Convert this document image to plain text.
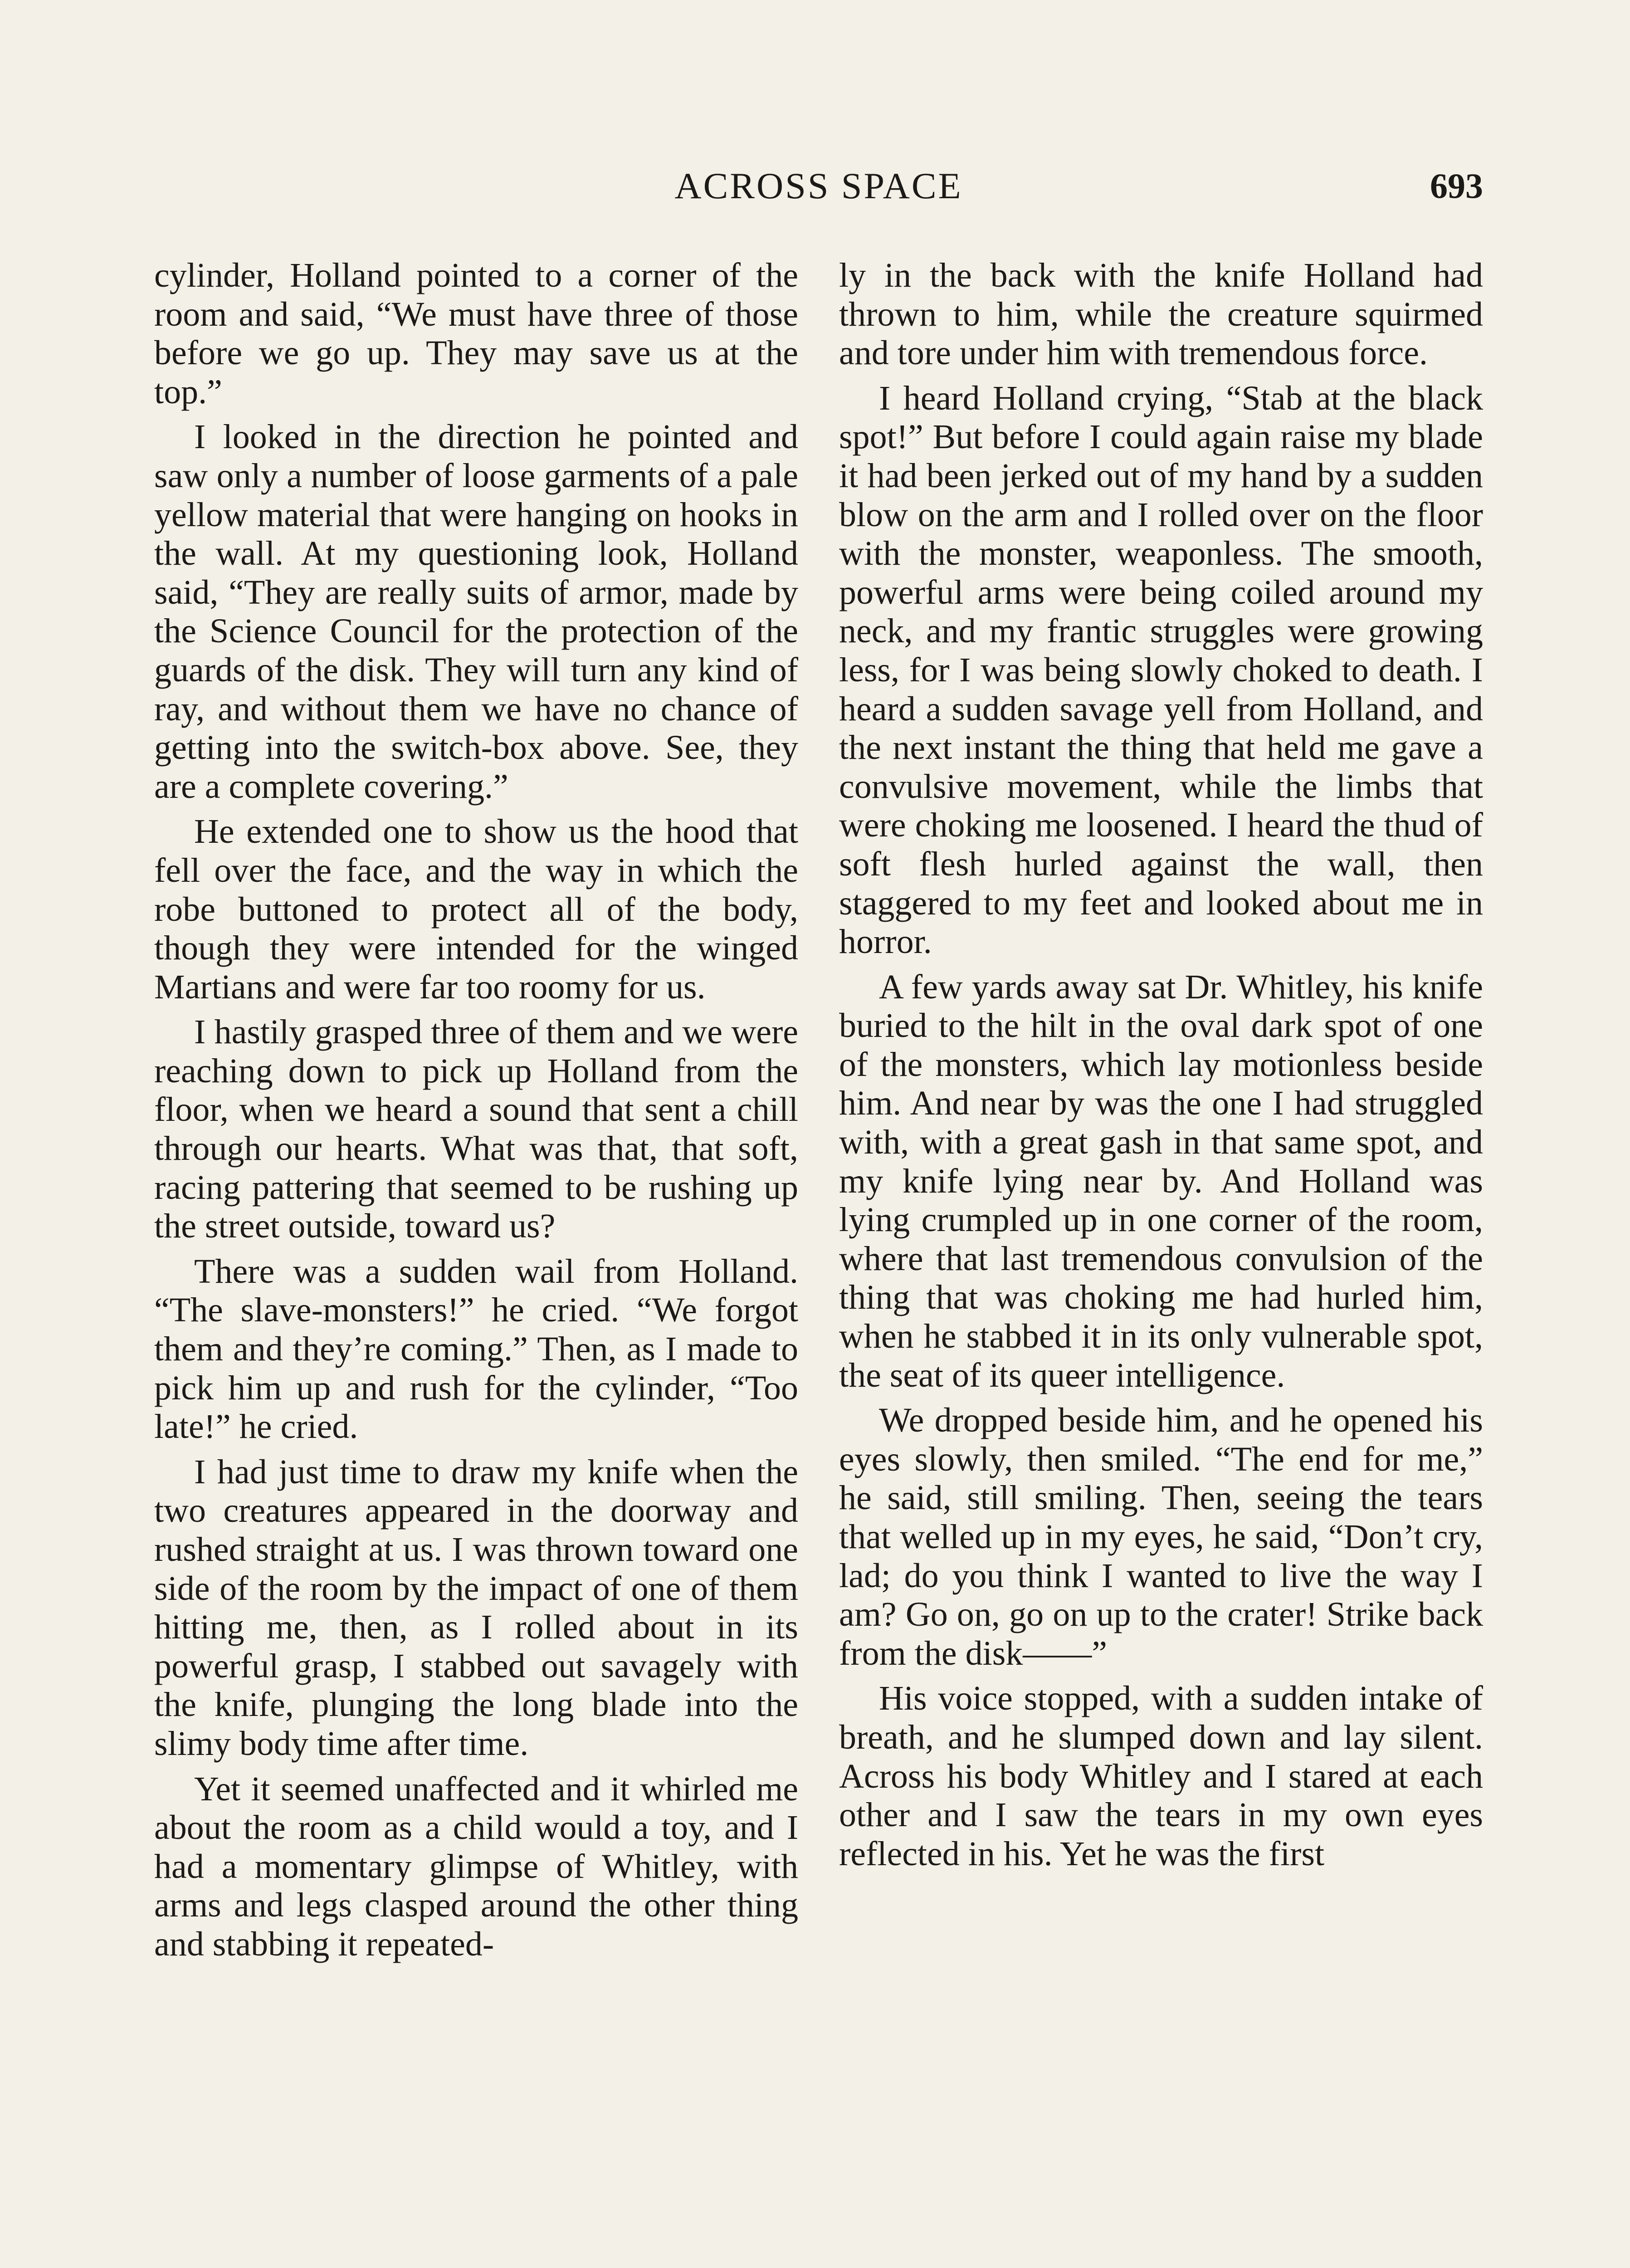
ACROSS SPACE	693

cylinder, Holland pointed to a corner of the room and said, “We must have three of those before we go up. They may save us at the top.”

I looked in the direction he pointed and saw only a number of loose garments of a pale yellow material that were hanging on hooks in the wall. At my questioning look, Holland said, “They are really suits of armor, made by the Science Council for the protection of the guards of the disk. They will turn any kind of ray, and without them we have no chance of getting into the switch-box above. See, they are a complete covering.”

He extended one to show us the hood that fell over the face, and the way in which the robe buttoned to protect all of the body, though they were intended for the winged Martians and were far too roomy for us.

I hastily grasped three of them and we were reaching down to pick up Holland from the floor, when we heard a sound that sent a chill through our hearts. What was that, that soft, racing pattering that seemed to be rushing up the street outside, toward us?

There was a sudden wail from Holland. “The slave-monsters!” he cried. “We forgot them and they’re coming.” Then, as I made to pick him up and rush for the cylinder, “Too late!” he cried.

I had just time to draw my knife when the two creatures appeared in the doorway and rushed straight at us. I was thrown toward one side of the room by the impact of one of them hitting me, then, as I rolled about in its powerful grasp, I stabbed out savagely with the knife, plunging the long blade into the slimy body time after time.

Yet it seemed unaffected and it whirled me about the room as a child would a toy, and I had a momentary glimpse of Whitley, with arms and legs clasped around the other thing and stabbing it repeated-

ly in the back with the knife Holland had thrown to him, while the creature squirmed and tore under him with tremendous force.

I heard Holland crying, “Stab at the black spot!” But before I could again raise my blade it had been jerked out of my hand by a sudden blow on the arm and I rolled over on the floor with the monster, weaponless. The smooth, powerful arms were being coiled around my neck, and my frantic struggles were growing less, for I was being slowly choked to death. I heard a sudden savage yell from Holland, and the next instant the thing that held me gave a convulsive movement, while the limbs that were choking me loosened. I heard the thud of soft flesh hurled against the wall, then staggered to my feet and looked about me in horror.

A few yards away sat Dr. Whitley, his knife buried to the hilt in the oval dark spot of one of the monsters, which lay motionless beside him. And near by was the one I had struggled with, with a great gash in that same spot, and my knife lying near by. And Holland was lying crumpled up in one corner of the room, where that last tremendous convulsion of the thing that was choking me had hurled him, when he stabbed it in its only vulnerable spot, the seat of its queer intelligence.

We dropped beside him, and he opened his eyes slowly, then smiled. “The end for me,” he said, still smiling. Then, seeing the tears that welled up in my eyes, he said, “Don’t cry, lad; do you think I wanted to live the way I am? Go on, go on up to the crater! Strike back from the disk——”

His voice stopped, with a sudden intake of breath, and he slumped down and lay silent. Across his body Whitley and I stared at each other and I saw the tears in my own eyes reflected in his. Yet he was the first
